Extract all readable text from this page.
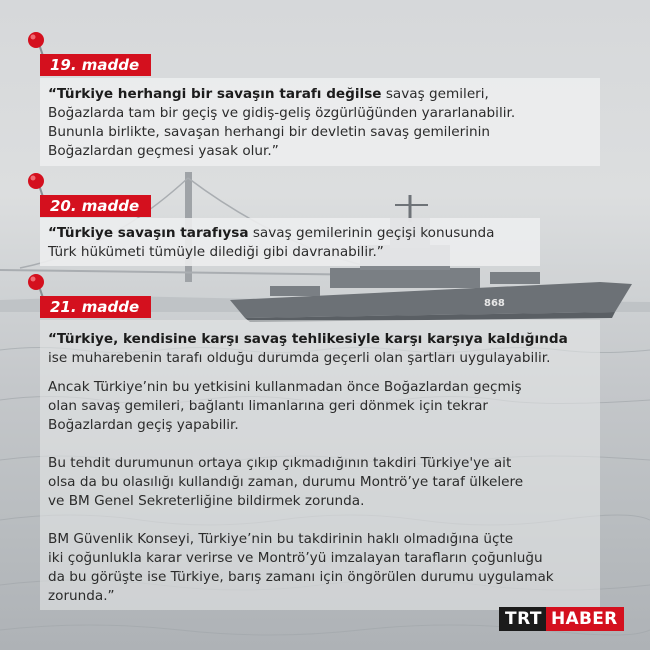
868
19. madde
“Türkiye herhangi bir savaşın tarafı değilse savaş gemileri,
Boğazlarda tam bir geçiş ve gidiş-geliş özgürlüğünden yararlanabilir.
Bununla birlikte, savaşan herhangi bir devletin savaş gemilerinin
Boğazlardan geçmesi yasak olur.”
20. madde
“Türkiye savaşın tarafıysa savaş gemilerinin geçişi konusunda
Türk hükümeti tümüyle dilediği gibi davranabilir.”
21. madde
“Türkiye, kendisine karşı savaş tehlikesiyle karşı karşıya kaldığında
ise muharebenin tarafı olduğu durumda geçerli olan şartları uygulayabilir.
Ancak Türkiye’nin bu yetkisini kullanmadan önce Boğazlardan geçmiş
olan savaş gemileri, bağlantı limanlarına geri dönmek için tekrar
Boğazlardan geçiş yapabilir.
Bu tehdit durumunun ortaya çıkıp çıkmadığının takdiri Türkiye'ye ait
olsa da bu olasılığı kullandığı zaman, durumu Montrö’ye taraf ülkelere
ve BM Genel Sekreterliğine bildirmek zorunda.
BM Güvenlik Konseyi, Türkiye’nin bu takdirinin haklı olmadığına üçte
iki çoğunlukla karar verirse ve Montrö’yü imzalayan tarafların çoğunluğu
da bu görüşte ise Türkiye, barış zamanı için öngörülen durumu uygulamak
zorunda.”
TRT HABER
